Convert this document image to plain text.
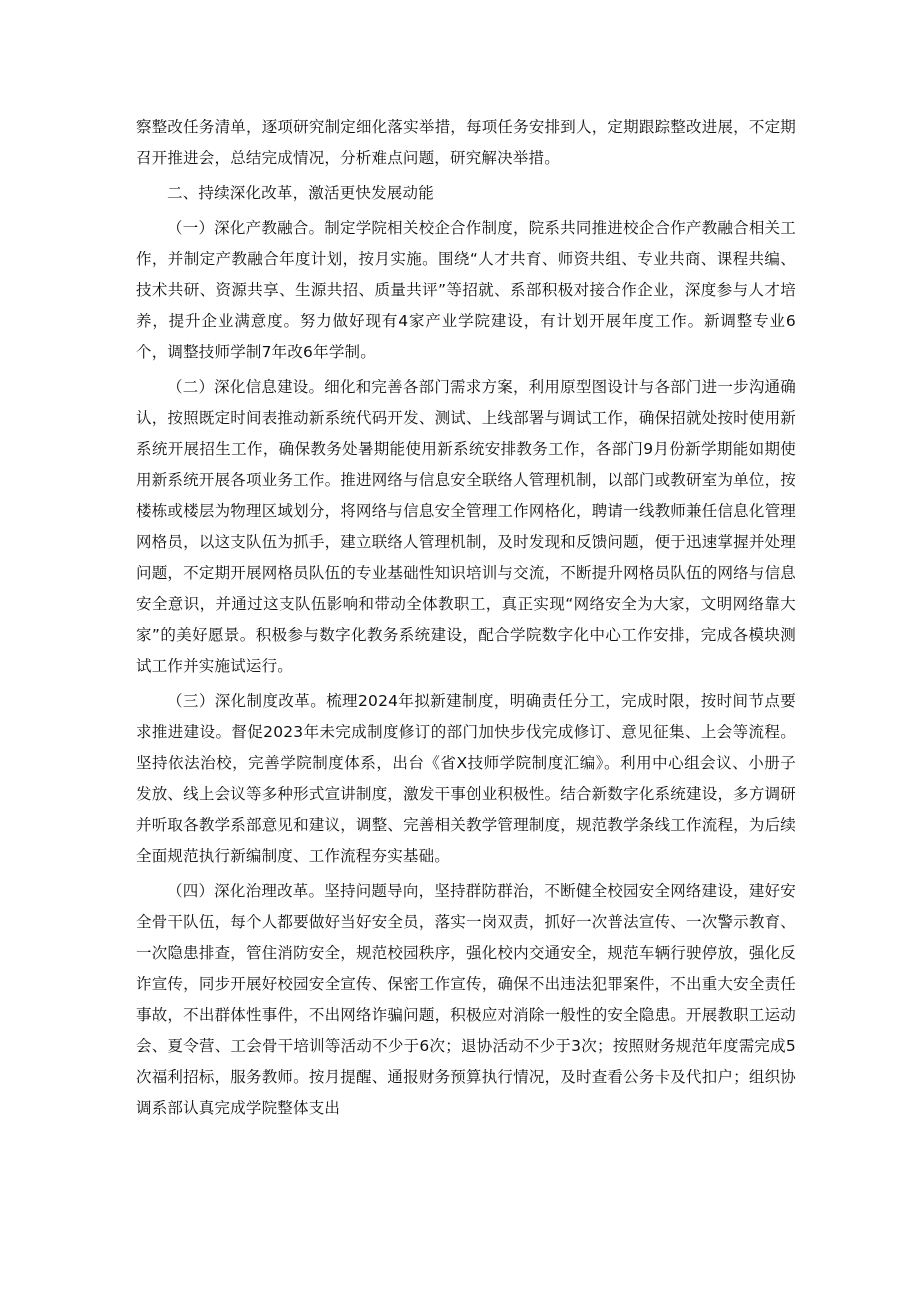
察整改任务清单，逐项研究制定细化落实举措，每项任务安排到人，定期跟踪整改进展，不定期召开推进会，总结完成情况，分析难点问题，研究解决举措。

二、持续深化改革，激活更快发展动能

（一）深化产教融合。制定学院相关校企合作制度，院系共同推进校企合作产教融合相关工作，并制定产教融合年度计划，按月实施。围绕“人才共育、师资共组、专业共商、课程共编、技术共研、资源共享、生源共招、质量共评”等招就、系部积极对接合作企业，深度参与人才培养，提升企业满意度。努力做好现有4家产业学院建设，有计划开展年度工作。新调整专业6个，调整技师学制7年改6年学制。

（二）深化信息建设。细化和完善各部门需求方案，利用原型图设计与各部门进一步沟通确认，按照既定时间表推动新系统代码开发、测试、上线部署与调试工作，确保招就处按时使用新系统开展招生工作，确保教务处暑期能使用新系统安排教务工作，各部门9月份新学期能如期使用新系统开展各项业务工作。推进网络与信息安全联络人管理机制，以部门或教研室为单位，按楼栋或楼层为物理区域划分，将网络与信息安全管理工作网格化，聘请一线教师兼任信息化管理网格员，以这支队伍为抓手，建立联络人管理机制，及时发现和反馈问题，便于迅速掌握并处理问题，不定期开展网格员队伍的专业基础性知识培训与交流，不断提升网格员队伍的网络与信息安全意识，并通过这支队伍影响和带动全体教职工，真正实现“网络安全为大家，文明网络靠大家”的美好愿景。积极参与数字化教务系统建设，配合学院数字化中心工作安排，完成各模块测试工作并实施试运行。

（三）深化制度改革。梳理2024年拟新建制度，明确责任分工，完成时限，按时间节点要求推进建设。督促2023年未完成制度修订的部门加快步伐完成修订、意见征集、上会等流程。坚持依法治校，完善学院制度体系，出台《省X技师学院制度汇编》。利用中心组会议、小册子发放、线上会议等多种形式宣讲制度，激发干事创业积极性。结合新数字化系统建设，多方调研并听取各教学系部意见和建议，调整、完善相关教学管理制度，规范教学条线工作流程，为后续全面规范执行新编制度、工作流程夯实基础。

（四）深化治理改革。坚持问题导向，坚持群防群治，不断健全校园安全网络建设，建好安全骨干队伍，每个人都要做好当好安全员，落实一岗双责，抓好一次普法宣传、一次警示教育、一次隐患排查，管住消防安全，规范校园秩序，强化校内交通安全，规范车辆行驶停放，强化反诈宣传，同步开展好校园安全宣传、保密工作宣传，确保不出违法犯罪案件，不出重大安全责任事故，不出群体性事件，不出网络诈骗问题，积极应对消除一般性的安全隐患。开展教职工运动会、夏令营、工会骨干培训等活动不少于6次；退协活动不少于3次；按照财务规范年度需完成5次福利招标，服务教师。按月提醒、通报财务预算执行情况，及时查看公务卡及代扣户；组织协调系部认真完成学院整体支出
